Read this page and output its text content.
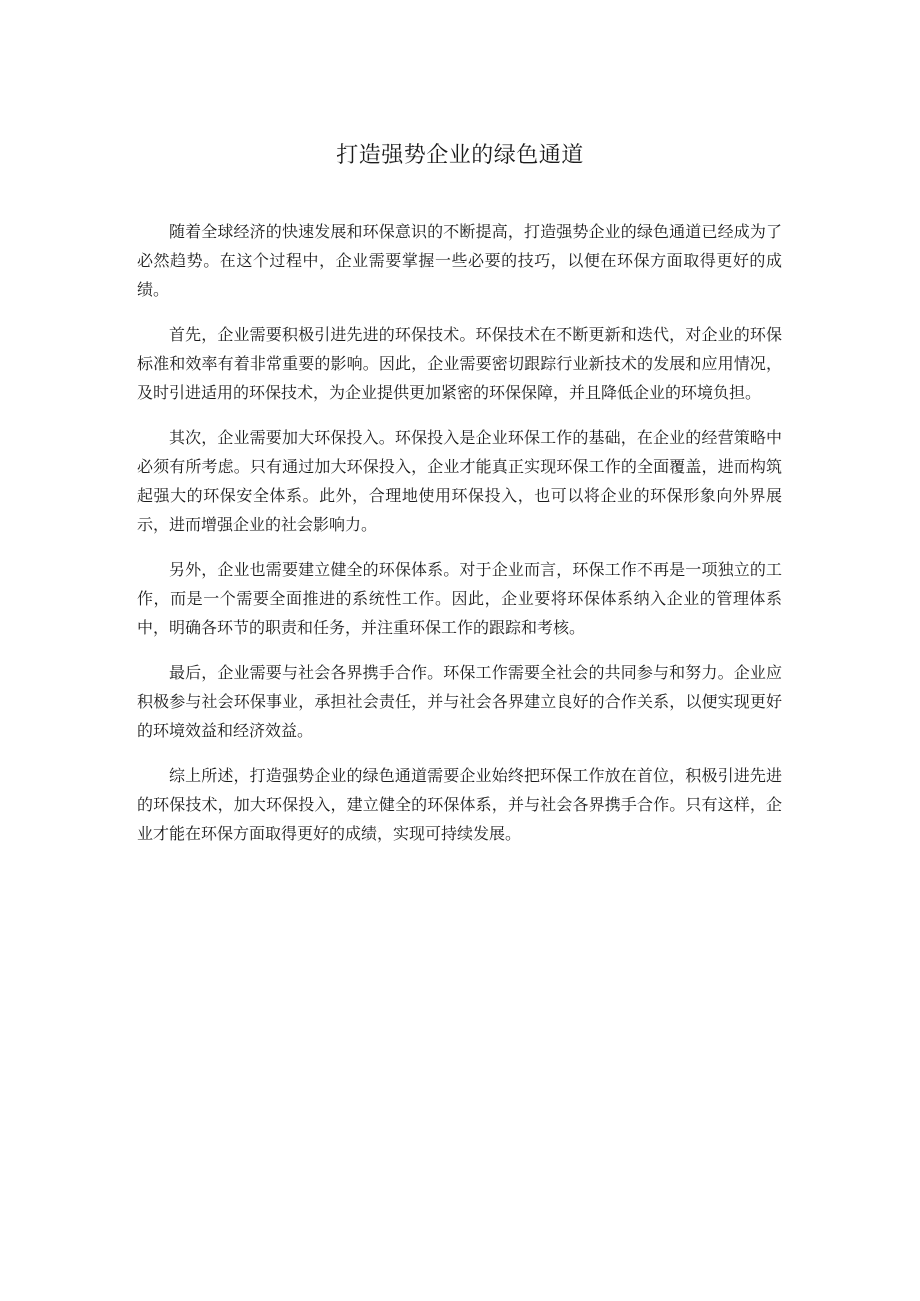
打造强势企业的绿色通道

随着全球经济的快速发展和环保意识的不断提高，打造强势企业的绿色通道已经成为了必然趋势。在这个过程中，企业需要掌握一些必要的技巧，以便在环保方面取得更好的成绩。

首先，企业需要积极引进先进的环保技术。环保技术在不断更新和迭代，对企业的环保标准和效率有着非常重要的影响。因此，企业需要密切跟踪行业新技术的发展和应用情况，及时引进适用的环保技术，为企业提供更加紧密的环保保障，并且降低企业的环境负担。

其次，企业需要加大环保投入。环保投入是企业环保工作的基础，在企业的经营策略中必须有所考虑。只有通过加大环保投入，企业才能真正实现环保工作的全面覆盖，进而构筑起强大的环保安全体系。此外，合理地使用环保投入，也可以将企业的环保形象向外界展示，进而增强企业的社会影响力。

另外，企业也需要建立健全的环保体系。对于企业而言，环保工作不再是一项独立的工作，而是一个需要全面推进的系统性工作。因此，企业要将环保体系纳入企业的管理体系中，明确各环节的职责和任务，并注重环保工作的跟踪和考核。

最后，企业需要与社会各界携手合作。环保工作需要全社会的共同参与和努力。企业应积极参与社会环保事业，承担社会责任，并与社会各界建立良好的合作关系，以便实现更好的环境效益和经济效益。

综上所述，打造强势企业的绿色通道需要企业始终把环保工作放在首位，积极引进先进的环保技术，加大环保投入，建立健全的环保体系，并与社会各界携手合作。只有这样，企业才能在环保方面取得更好的成绩，实现可持续发展。
